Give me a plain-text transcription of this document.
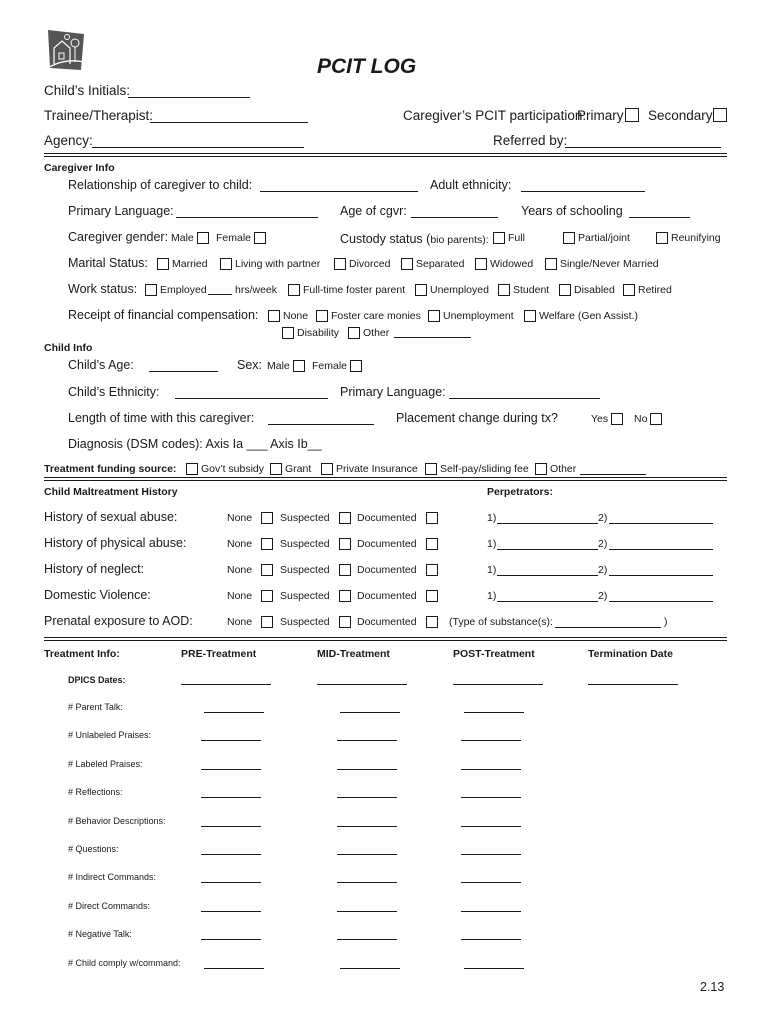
PCIT LOG
Child’s Initials:
Trainee/Therapist:	Caregiver’s PCIT participation:
Primary Secondary
Agency:	Referred by:
Caregiver Info
Relationship of caregiver to child:	Adult ethnicity:
Primary Language:	Age of cgvr:	Years of schooling
Caregiver gender: Male Female	Custody status (bio parents): Full	Partial/joint	Reunifying
Marital Status: Married	Living with partner	Divorced Separated Widowed	Single/Never Married
Work status: Employed	hrs/week Full-time foster parent Unemployed Student Disabled Retired
Receipt of financial compensation: None Foster care monies Unemployment Welfare (Gen Assist.)
Disability Other
Child Info
Child’s Age:	Sex: Male Female
Child’s Ethnicity:	Primary Language:
Length of time with this caregiver:	Placement change during tx?	Yes No
Diagnosis (DSM codes): Axis Ia ___ Axis Ib__
Treatment funding source: Gov’t subsidy Grant Private Insurance Self-pay/sliding fee Other
Child Maltreatment History	Perpetrators:
History of sexual abuse:	None	Suspected	Documented	1)	2)
History of physical abuse:	None	Suspected	Documented	1)	2)
History of neglect:	None	Suspected	Documented	1)	2)
Domestic Violence:	None	Suspected	Documented	1)	2)
Prenatal exposure to AOD:	None	Suspected	Documented	(Type of substance(s):	)
Treatment Info:	PRE-Treatment	MID-Treatment	POST-Treatment	Termination Date
DPICS Dates:
# Parent Talk:
# Unlabeled Praises:
# Labeled Praises:
# Reflections:
# Behavior Descriptions:
# Questions:
# Indirect Commands:
# Direct Commands:
# Negative Talk:
# Child comply w/command:
2.13
